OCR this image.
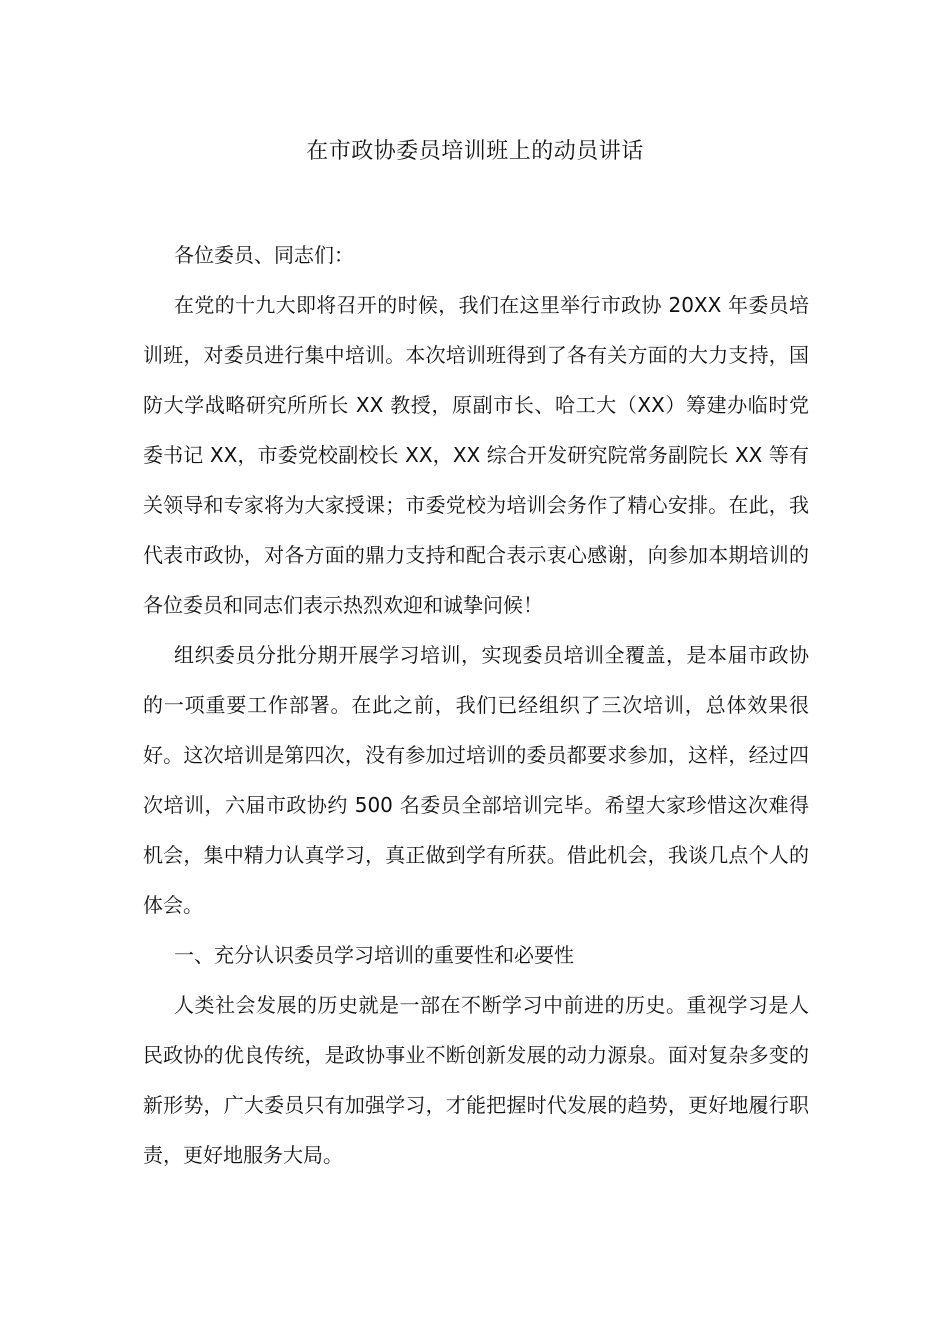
在市政协委员培训班上的动员讲话

各位委员、同志们：

在党的十九大即将召开的时候，我们在这里举行市政协 20XX 年委员培训班，对委员进行集中培训。本次培训班得到了各有关方面的大力支持，国防大学战略研究所所长 XX 教授，原副市长、哈工大（XX）筹建办临时党委书记 XX，市委党校副校长 XX，XX 综合开发研究院常务副院长 XX 等有关领导和专家将为大家授课；市委党校为培训会务作了精心安排。在此，我代表市政协，对各方面的鼎力支持和配合表示衷心感谢，向参加本期培训的各位委员和同志们表示热烈欢迎和诚挚问候！

组织委员分批分期开展学习培训，实现委员培训全覆盖，是本届市政协的一项重要工作部署。在此之前，我们已经组织了三次培训，总体效果很好。这次培训是第四次，没有参加过培训的委员都要求参加，这样，经过四次培训，六届市政协约 500 名委员全部培训完毕。希望大家珍惜这次难得机会，集中精力认真学习，真正做到学有所获。借此机会，我谈几点个人的体会。

一、充分认识委员学习培训的重要性和必要性

人类社会发展的历史就是一部在不断学习中前进的历史。重视学习是人民政协的优良传统，是政协事业不断创新发展的动力源泉。面对复杂多变的新形势，广大委员只有加强学习，才能把握时代发展的趋势，更好地履行职责，更好地服务大局。
